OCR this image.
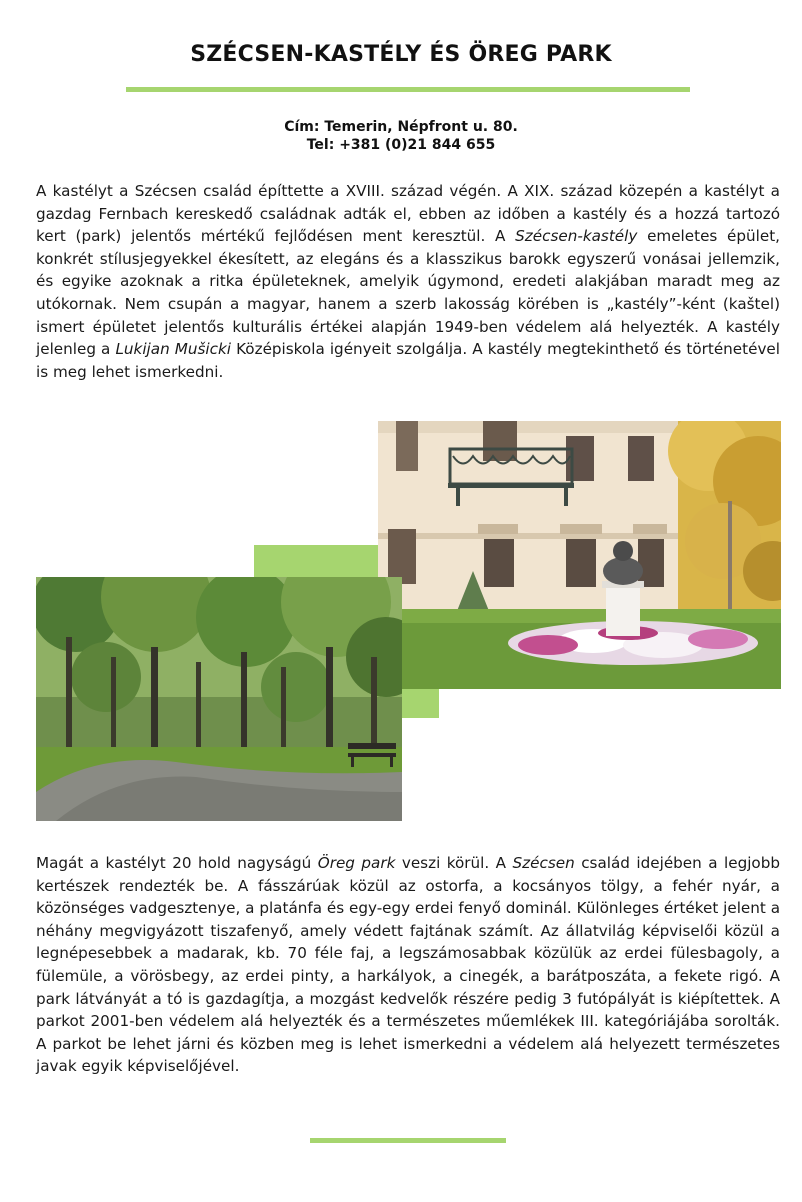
SZÉCSEN-KASTÉLY ÉS ÖREG PARK
Cím: Temerin, Népfront u. 80.
Tel: +381 (0)21 844 655
A kastélyt a Szécsen család építtette a XVIII. század végén. A XIX. század közepén a kastélyt a gazdag Fernbach kereskedő családnak adták el, ebben az időben a kastély és a hozzá tartozó kert (park) jelentős mértékű fejlődésen ment keresztül. A Szécsen-kastély emeletes épület, konkrét stílusjegyekkel ékesített, az elegáns és a klasszikus barokk egyszerű vonásai jellemzik, és egyike azoknak a ritka épületeknek, amelyik úgymond, eredeti alakjában maradt meg az utókornak. Nem csupán a magyar, hanem a szerb lakosság körében is „kastély”-ként (kaštel) ismert épületet jelentős kulturális értékei alapján 1949-ben védelem alá helyezték. A kastély jelenleg a Lukijan Mušicki Középiskola igényeit szolgálja. A kastély megtekinthető és történetével is meg lehet ismerkedni.
Magát a kastélyt 20 hold nagyságú Öreg park veszi körül. A Szécsen család idejében a legjobb kertészek rendezték be. A fásszárúak közül az ostorfa, a kocsányos tölgy, a fehér nyár, a közönséges vadgesztenye, a platánfa és egy-egy erdei fenyő dominál. Különleges értéket jelent a néhány megvigyázott tiszafenyő, amely védett fajtának számít. Az állatvilág képviselői közül a legnépesebbek a madarak, kb. 70 féle faj, a legszámosabbak közülük az erdei fülesbagoly, a fülemüle, a vörösbegy, az erdei pinty, a harkályok, a cinegék, a barátposzáta, a fekete rigó. A park látványát a tó is gazdagítja, a mozgást kedvelők részére pedig 3 futópályát is kiépítettek. A parkot 2001-ben védelem alá helyezték és a természetes műemlékek III. kategóriájába sorolták. A parkot be lehet járni és közben meg is lehet ismerkedni a védelem alá helyezett természetes javak egyik képviselőjével.
